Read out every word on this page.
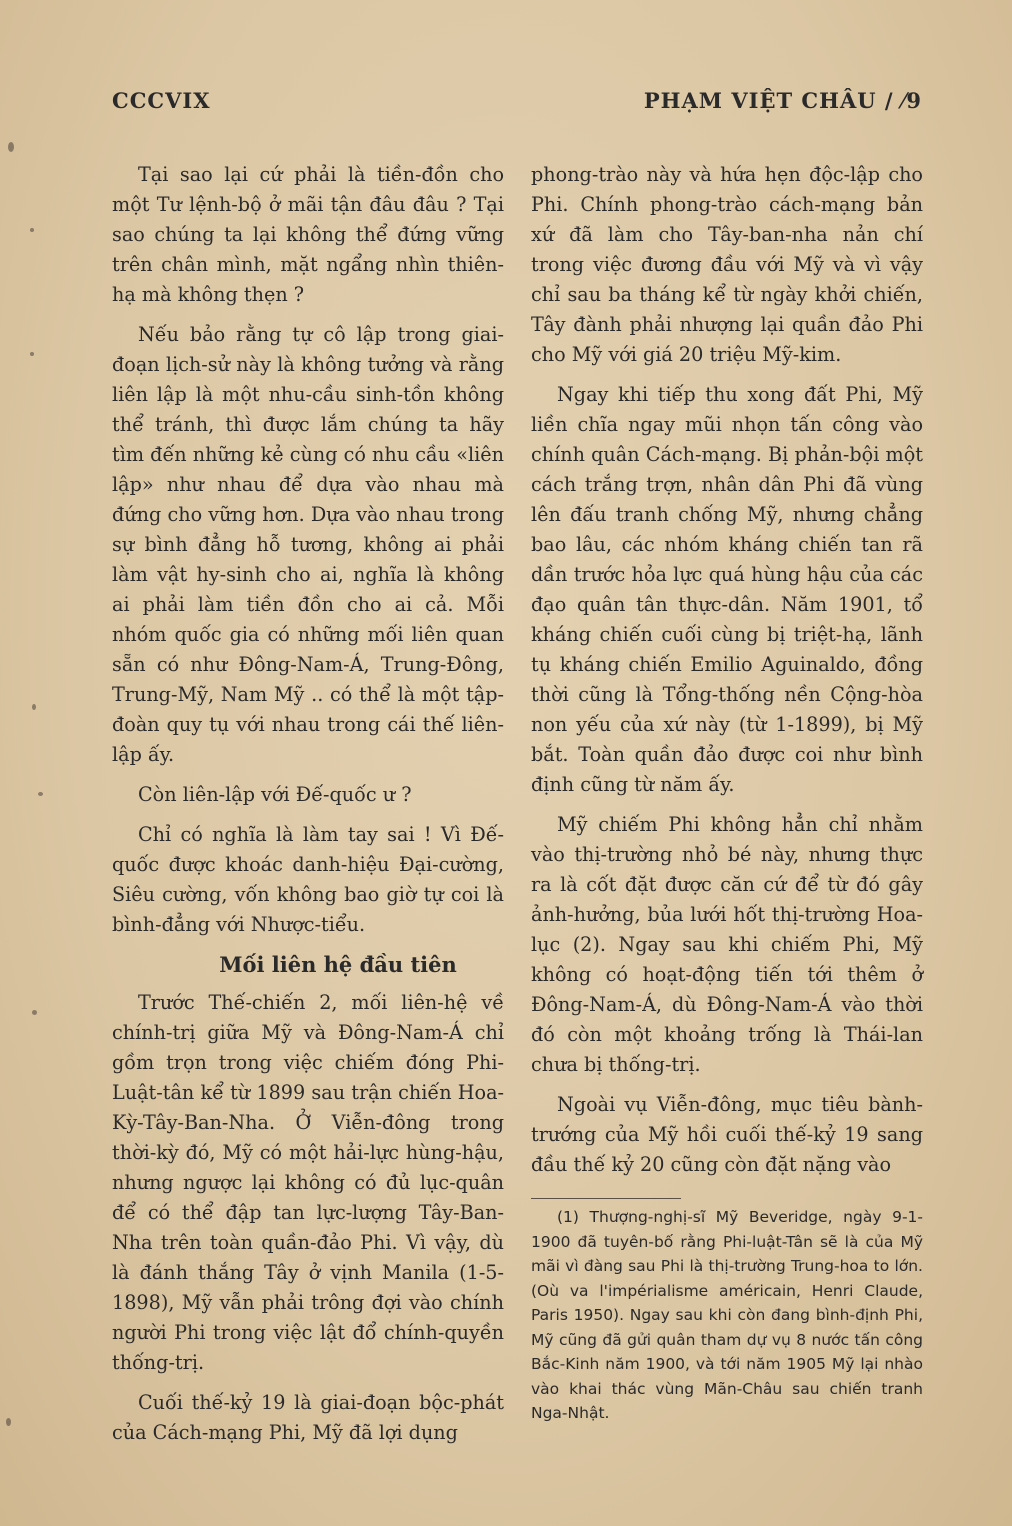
CCCVIX	PHẠM VIỆT CHÂU / ⁄9

Tại sao lại cứ phải là tiền-đồn cho một Tư lệnh-bộ ở mãi tận đâu đâu ? Tại sao chúng ta lại không thể đứng vững trên chân mình, mặt ngẩng nhìn thiên-hạ mà không thẹn ?

Nếu bảo rằng tự cô lập trong giai-đoạn lịch-sử này là không tưởng và rằng liên lập là một nhu-cầu sinh-tồn không thể tránh, thì được lắm chúng ta hãy tìm đến những kẻ cùng có nhu cầu «liên lập» như nhau để dựa vào nhau mà đứng cho vững hơn. Dựa vào nhau trong sự bình đẳng hỗ tương, không ai phải làm vật hy-sinh cho ai, nghĩa là không ai phải làm tiền đồn cho ai cả. Mỗi nhóm quốc gia có những mối liên quan sẵn có như Đông-Nam-Á, Trung-Đông, Trung-Mỹ, Nam Mỹ .. có thể là một tập-đoàn quy tụ với nhau trong cái thế liên-lập ấy.

Còn liên-lập với Đế-quốc ư ?

Chỉ có nghĩa là làm tay sai ! Vì Đế-quốc được khoác danh-hiệu Đại-cường, Siêu cường, vốn không bao giờ tự coi là bình-đẳng với Nhược-tiểu.

Mối liên hệ đầu tiên

Trước Thế-chiến 2, mối liên-hệ về chính-trị giữa Mỹ và Đông-Nam-Á chỉ gồm trọn trong việc chiếm đóng Phi-Luật-tân kể từ 1899 sau trận chiến Hoa-Kỳ-Tây-Ban-Nha. Ở Viễn-đông trong thời-kỳ đó, Mỹ có một hải-lực hùng-hậu, nhưng ngược lại không có đủ lục-quân để có thể đập tan lực-lượng Tây-Ban-Nha trên toàn quần-đảo Phi. Vì vậy, dù là đánh thắng Tây ở vịnh Manila (1-5-1898), Mỹ vẫn phải trông đợi vào chính người Phi trong việc lật đổ chính-quyền thống-trị.

Cuối thế-kỷ 19 là giai-đoạn bộc-phát của Cách-mạng Phi, Mỹ đã lợi dụng

phong-trào này và hứa hẹn độc-lập cho Phi. Chính phong-trào cách-mạng bản xứ đã làm cho Tây-ban-nha nản chí trong việc đương đầu với Mỹ và vì vậy chỉ sau ba tháng kể từ ngày khởi chiến, Tây đành phải nhượng lại quần đảo Phi cho Mỹ với giá 20 triệu Mỹ-kim.

Ngay khi tiếp thu xong đất Phi, Mỹ liền chĩa ngay mũi nhọn tấn công vào chính quân Cách-mạng. Bị phản-bội một cách trắng trợn, nhân dân Phi đã vùng lên đấu tranh chống Mỹ, nhưng chẳng bao lâu, các nhóm kháng chiến tan rã dần trước hỏa lực quá hùng hậu của các đạo quân tân thực-dân. Năm 1901, tổ kháng chiến cuối cùng bị triệt-hạ, lãnh tụ kháng chiến Emilio Aguinaldo, đồng thời cũng là Tổng-thống nền Cộng-hòa non yếu của xứ này (từ 1-1899), bị Mỹ bắt. Toàn quần đảo được coi như bình định cũng từ năm ấy.

Mỹ chiếm Phi không hẳn chỉ nhằm vào thị-trường nhỏ bé này, nhưng thực ra là cốt đặt được căn cứ để từ đó gây ảnh-hưởng, bủa lưới hốt thị-trường Hoa-lục (2). Ngay sau khi chiếm Phi, Mỹ không có hoạt-động tiến tới thêm ở Đông-Nam-Á, dù Đông-Nam-Á vào thời đó còn một khoảng trống là Thái-lan chưa bị thống-trị.

Ngoài vụ Viễn-đông, mục tiêu bành-trướng của Mỹ hồi cuối thế-kỷ 19 sang đầu thế kỷ 20 cũng còn đặt nặng vào

(1) Thượng-nghị-sĩ Mỹ Beveridge, ngày 9-1-1900 đã tuyên-bố rằng Phi-luật-Tân sẽ là của Mỹ mãi vì đàng sau Phi là thị-trường Trung-hoa to lớn. (Où va l'impérialisme américain, Henri Claude, Paris 1950). Ngay sau khi còn đang bình-định Phi, Mỹ cũng đã gửi quân tham dự vụ 8 nước tấn công Bắc-Kinh năm 1900, và tới năm 1905 Mỹ lại nhào vào khai thác vùng Mãn-Châu sau chiến tranh Nga-Nhật.
